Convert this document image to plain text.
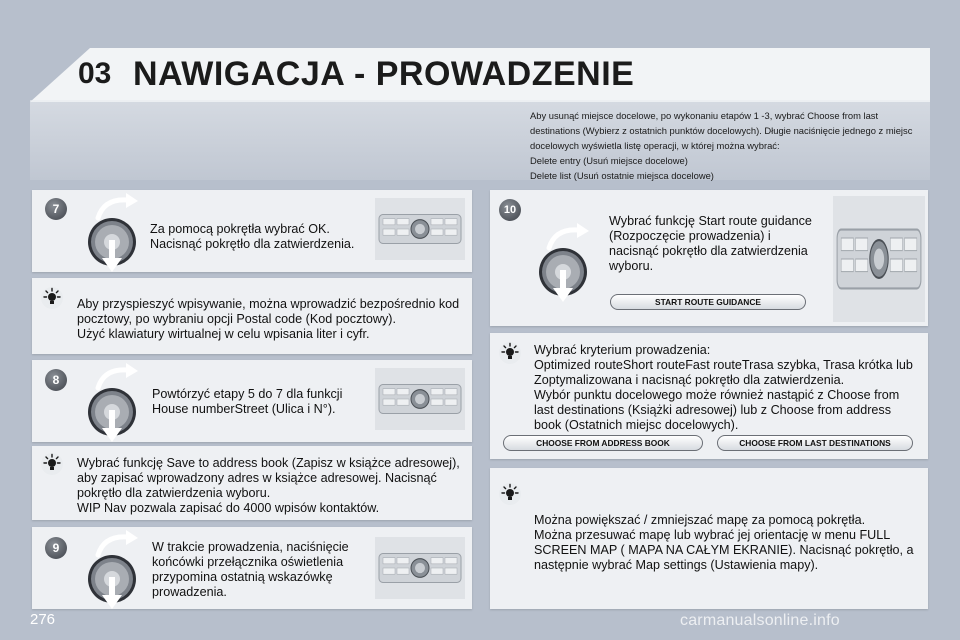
03 NAWIGACJA - PROWADZENIE
Aby usunąć miejsce docelowe, po wykonaniu etapów 1 -3, wybrać Choose from last
destinations (Wybierz z ostatnich punktów docelowych). Długie naciśnięcie jednego z miejsc
docelowych wyświetla listę operacji, w której można wybrać:
Delete entry (Usuń miejsce docelowe)
Delete list (Usuń ostatnie miejsca docelowe)
7
Za pomocą pokrętła wybrać OK.
Nacisnąć pokrętło dla zatwierdzenia.
Aby przyspieszyć wpisywanie, można wprowadzić bezpośrednio kod
pocztowy, po wybraniu opcji Postal code (Kod pocztowy).
Użyć klawiatury wirtualnej w celu wpisania liter i cyfr.
8
Powtórzyć etapy 5 do 7 dla funkcji
House numberStreet (Ulica i N°).
Wybrać funkcję Save to address book (Zapisz w książce adresowej),
aby zapisać wprowadzony adres w książce adresowej. Nacisnąć
pokrętło dla zatwierdzenia wyboru.
WIP Nav pozwala zapisać do 4000 wpisów kontaktów.
9	W trakcie prowadzenia, naciśnięcie
końcówki przełącznika oświetlenia
przypomina ostatnią wskazówkę
prowadzenia.
10
Wybrać funkcję Start route guidance
(Rozpoczęcie prowadzenia) i
nacisnąć pokrętło dla zatwierdzenia
wyboru.
START ROUTE GUIDANCE
Wybrać kryterium prowadzenia:
Optimized routeShort routeFast routeTrasa szybka, Trasa krótka lub
Zoptymalizowana i nacisnąć pokrętło dla zatwierdzenia.
Wybór punktu docelowego może również nastąpić z Choose from
last destinations (Książki adresowej) lub z Choose from address
book (Ostatnich miejsc docelowych).
CHOOSE FROM ADDRESS BOOK	CHOOSE FROM LAST DESTINATIONS
Można powiększać / zmniejszać mapę za pomocą pokrętła.
Można przesuwać mapę lub wybrać jej orientację w menu FULL
SCREEN MAP ( MAPA NA CAŁYM EKRANIE). Nacisnąć pokrętło, a
następnie wybrać Map settings (Ustawienia mapy).
276	carmanualsonline.info
